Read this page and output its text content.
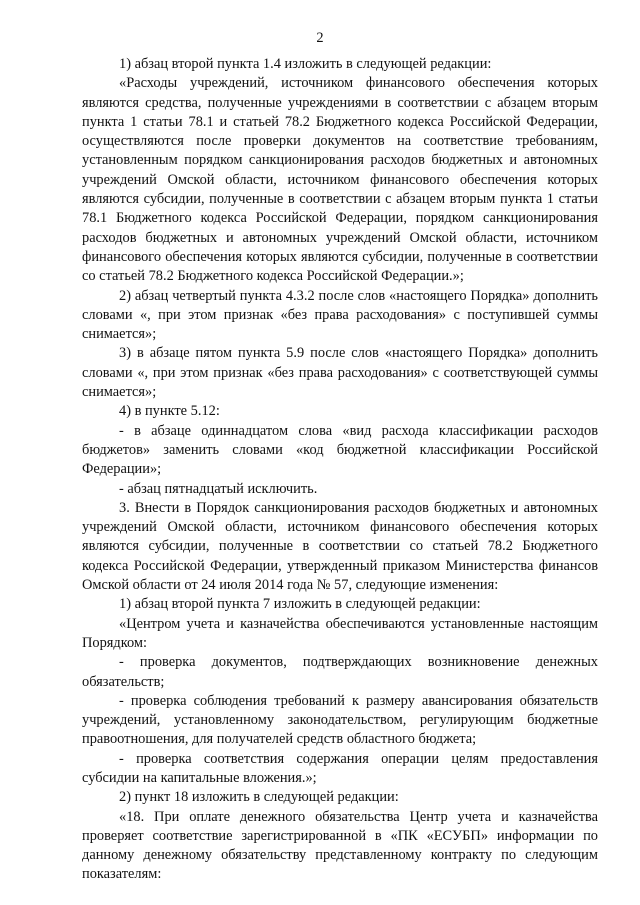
2

1) абзац второй пункта 1.4 изложить в следующей редакции:

«Расходы учреждений, источником финансового обеспечения которых являются средства, полученные учреждениями в соответствии с абзацем вторым пункта 1 статьи 78.1 и статьей 78.2 Бюджетного кодекса Российской Федерации, осуществляются после проверки документов на соответствие требованиям, установленным порядком санкционирования расходов бюджетных и автономных учреждений Омской области, источником финансового обеспечения которых являются субсидии, полученные в соответствии с абзацем вторым пункта 1 статьи 78.1 Бюджетного кодекса Российской Федерации, порядком санкционирования расходов бюджетных и автономных учреждений Омской области, источником финансового обеспечения которых являются субсидии, полученные в соответствии со статьей 78.2 Бюджетного кодекса Российской Федерации.»;

2) абзац четвертый пункта 4.3.2 после слов «настоящего Порядка» дополнить словами «, при этом признак «без права расходования» с поступившей суммы снимается»;

3) в абзаце пятом пункта 5.9 после слов «настоящего Порядка» дополнить словами «, при этом признак «без права расходования» с соответствующей суммы снимается»;

4) в пункте 5.12:

- в абзаце одиннадцатом слова «вид расхода классификации расходов бюджетов» заменить словами «код бюджетной классификации Российской Федерации»;

- абзац пятнадцатый исключить.

3. Внести в Порядок санкционирования расходов бюджетных и автономных учреждений Омской области, источником финансового обеспечения которых являются субсидии, полученные в соответствии со статьей 78.2 Бюджетного кодекса Российской Федерации, утвержденный приказом Министерства финансов Омской области от 24 июля 2014 года № 57, следующие изменения:

1) абзац второй пункта 7 изложить в следующей редакции:

«Центром учета и казначейства обеспечиваются установленные настоящим Порядком:

- проверка документов, подтверждающих возникновение денежных обязательств;

- проверка соблюдения требований к размеру авансирования обязательств учреждений, установленному законодательством, регулирующим бюджетные правоотношения, для получателей средств областного бюджета;

- проверка соответствия содержания операции целям предоставления субсидии на капитальные вложения.»;

2) пункт 18 изложить в следующей редакции:

«18. При оплате денежного обязательства Центр учета и казначейства проверяет соответствие зарегистрированной в «ПК «ЕСУБП» информации по данному денежному обязательству представленному контракту по следующим показателям:
